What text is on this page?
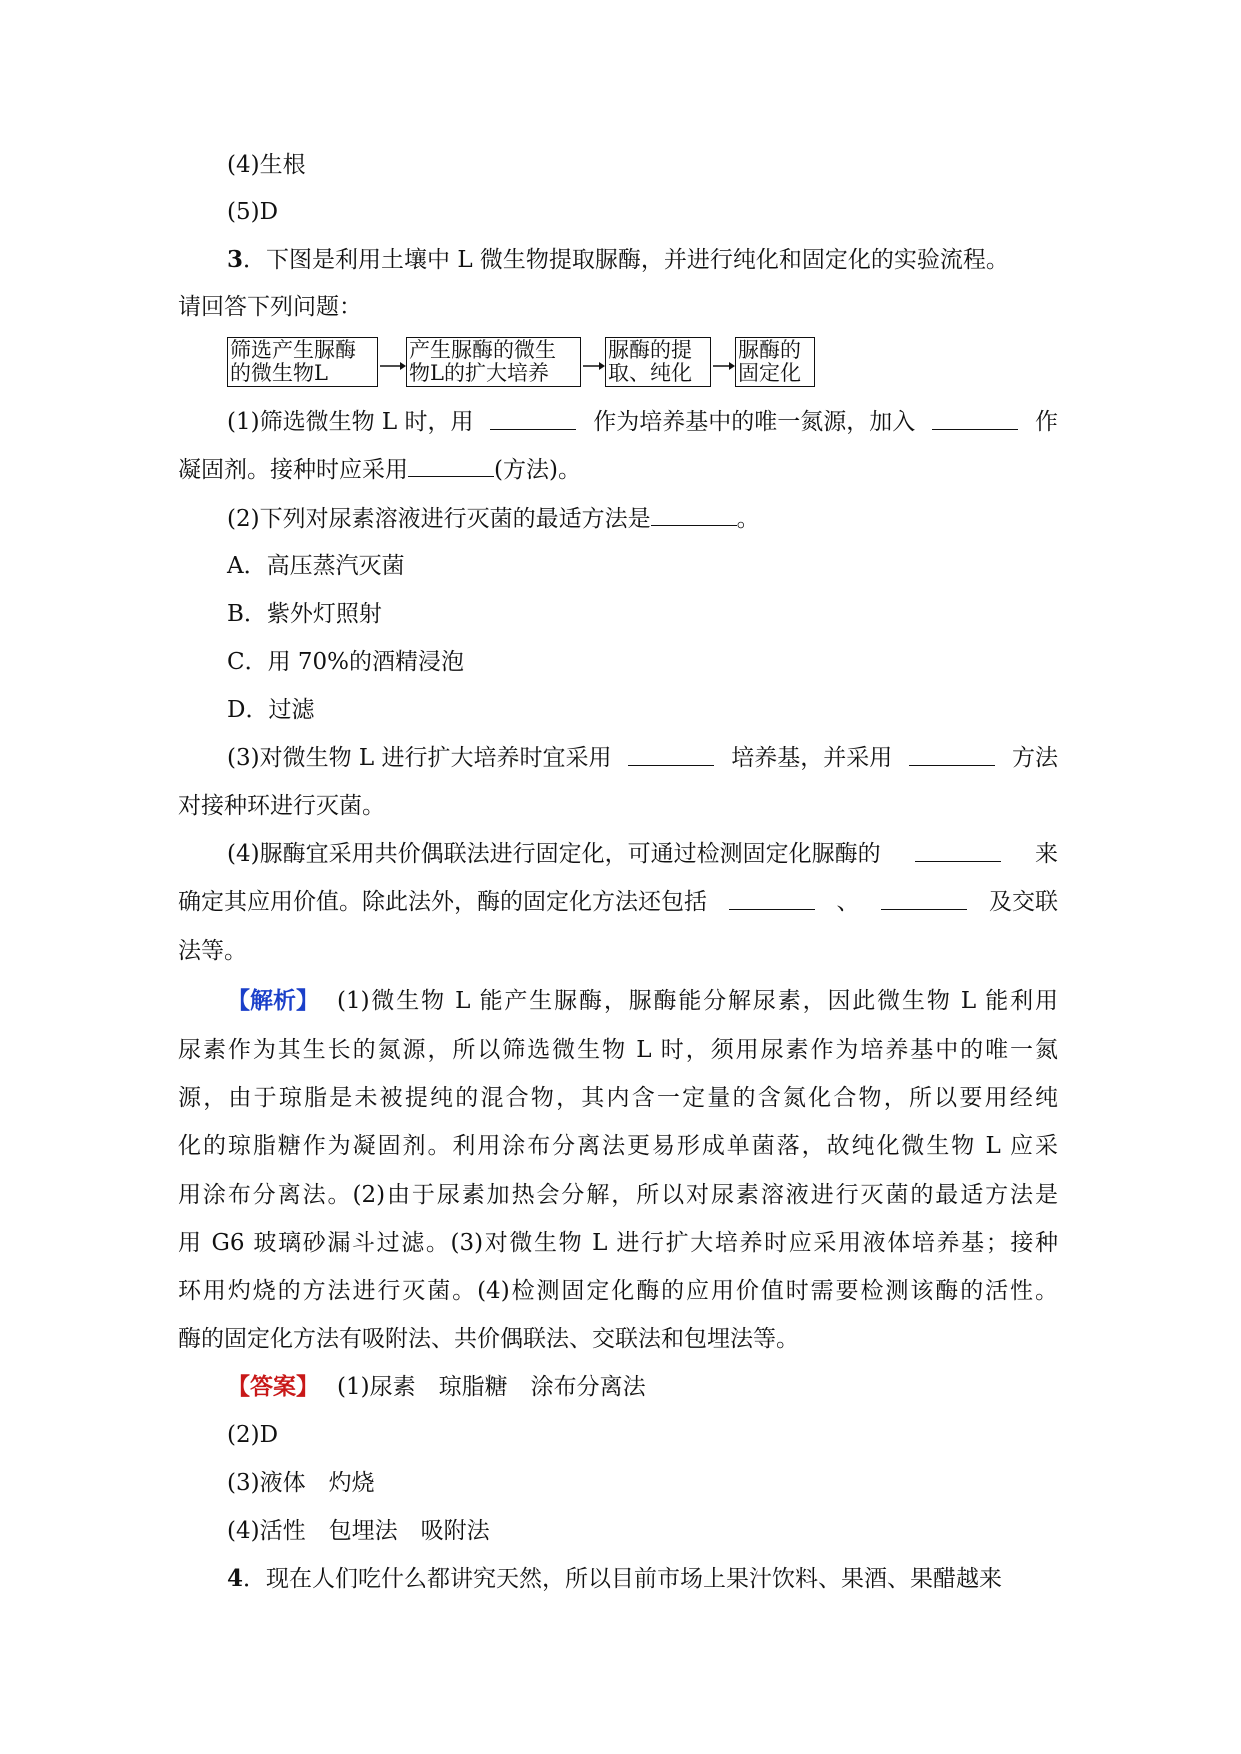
(4)生根
(5)D
3．下图是利用土壤中 L 微生物提取脲酶，并进行纯化和固定化的实验流程。
请回答下列问题：
筛选产生脲酶
的微生物L
产生脲酶的微生
物L的扩大培养
脲酶的提
取、纯化
脲酶的
固定化
(1)筛选微生物 L 时，用	作为培养基中的唯一氮源，加入	作
凝固剂。接种时应采用	(方法)。
(2)下列对尿素溶液进行灭菌的最适方法是	。
A．高压蒸汽灭菌
B．紫外灯照射
C．用 70%的酒精浸泡
D．过滤
(3)对微生物 L 进行扩大培养时宜采用	培养基，并采用	方法
对接种环进行灭菌。
(4)脲酶宜采用共价偶联法进行固定化，可通过检测固定化脲酶的	来
确定其应用价值。除此法外，酶的固定化方法还包括	、	及交联
法等。
【解析】 (1)微生物 L 能产生脲酶，脲酶能分解尿素，因此微生物 L 能利用
尿素作为其生长的氮源，所以筛选微生物 L 时，须用尿素作为培养基中的唯一氮
源，由于琼脂是未被提纯的混合物，其内含一定量的含氮化合物，所以要用经纯
化的琼脂糖作为凝固剂。利用涂布分离法更易形成单菌落，故纯化微生物 L 应采
用涂布分离法。(2)由于尿素加热会分解，所以对尿素溶液进行灭菌的最适方法是
用 G6 玻璃砂漏斗过滤。(3)对微生物 L 进行扩大培养时应采用液体培养基；接种
环用灼烧的方法进行灭菌。(4)检测固定化酶的应用价值时需要检测该酶的活性。
酶的固定化方法有吸附法、共价偶联法、交联法和包埋法等。
【答案】 (1)尿素　琼脂糖　涂布分离法
(2)D
(3)液体　灼烧
(4)活性　包埋法　吸附法
4．现在人们吃什么都讲究天然，所以目前市场上果汁饮料、果酒、果醋越来
